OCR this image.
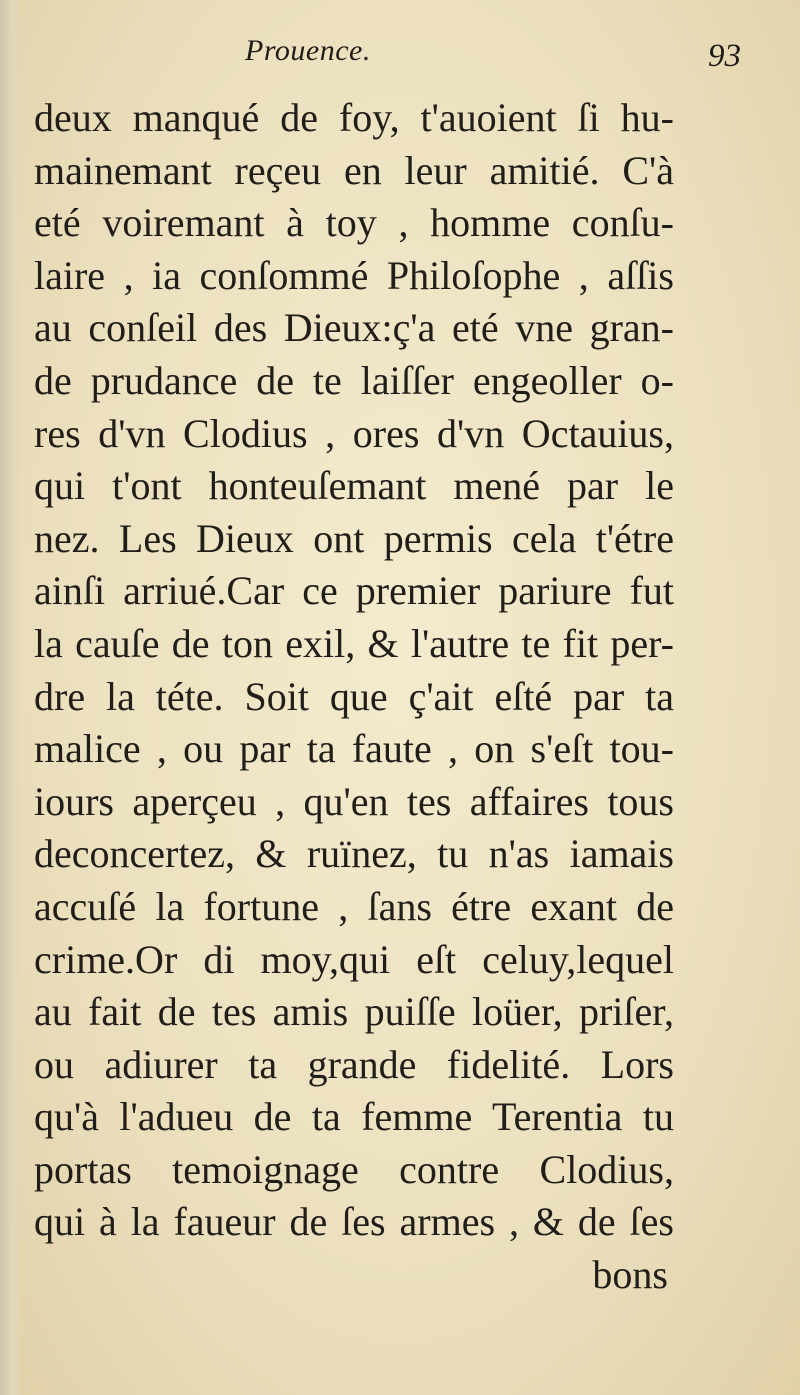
Prouence.	93
deux manqué de foy, t'auoient ſi hu-
mainemant reçeu en leur amitié. C'à
eté voiremant à toy , homme conſu-
laire , ia conſommé Philoſophe , aſſis
au conſeil des Dieux:ç'a eté vne gran-
de prudance de te laiſſer engeoller o-
res d'vn Clodius , ores d'vn Octauius,
qui t'ont honteuſemant mené par le
nez. Les Dieux ont permis cela t'étre
ainſi arriué.Car ce premier pariure fut
la cauſe de ton exil, & l'autre te fit per-
dre la téte. Soit que ç'ait eſté par ta
malice , ou par ta faute , on s'eſt tou-
iours aperçeu , qu'en tes affaires tous
deconcertez, & ruïnez, tu n'as iamais
accuſé la fortune , ſans étre exant de
crime.Or di moy,qui eſt celuy,lequel
au fait de tes amis puiſſe loüer, priſer,
ou adiurer ta grande fidelité. Lors
qu'à l'adueu de ta femme Terentia tu
portas temoignage contre Clodius,
qui à la faueur de ſes armes , & de ſes
bons
